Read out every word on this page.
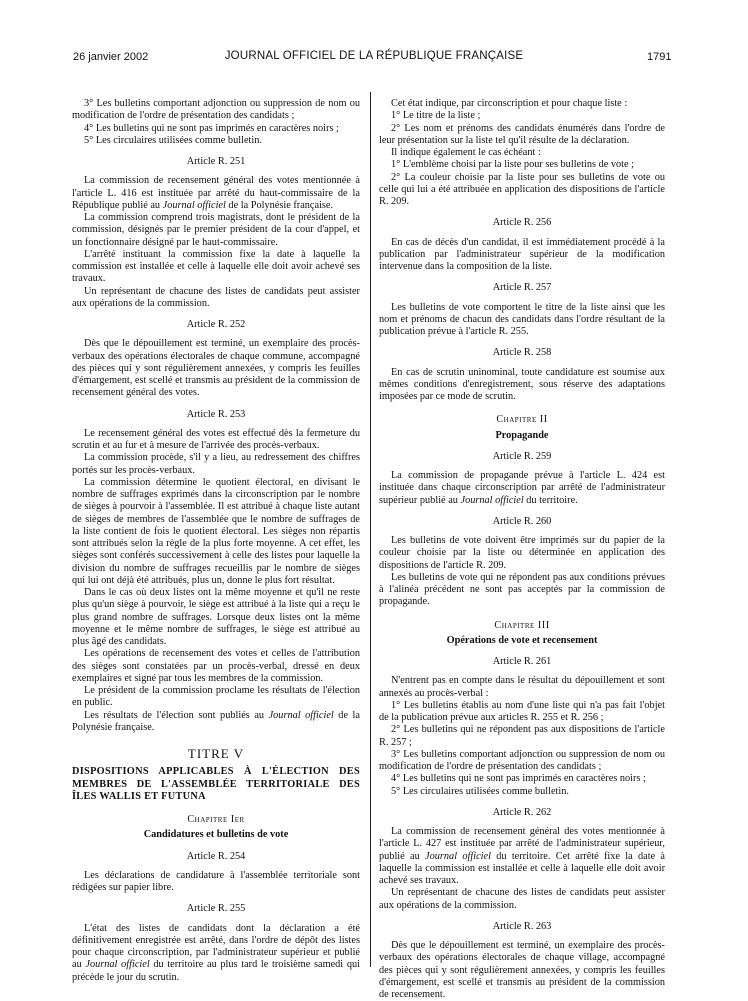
26 janvier 2002	JOURNAL OFFICIEL DE LA RÉPUBLIQUE FRANÇAISE	1791

3° Les bulletins comportant adjonction ou suppression de nom ou modification de l'ordre de présentation des candidats ;

4° Les bulletins qui ne sont pas imprimés en caractères noirs ;

5° Les circulaires utilisées comme bulletin.

Article R. 251

La commission de recensement général des votes mentionnée à l'article L. 416 est instituée par arrêté du haut-commissaire de la République publié au Journal officiel de la Polynésie française.

La commission comprend trois magistrats, dont le président de la commission, désignés par le premier président de la cour d'appel, et un fonctionnaire désigné par le haut-commissaire.

L'arrêté instituant la commission fixe la date à laquelle la commission est installée et celle à laquelle elle doit avoir achevé ses travaux.

Un représentant de chacune des listes de candidats peut assister aux opérations de la commission.

Article R. 252

Dès que le dépouillement est terminé, un exemplaire des procès-verbaux des opérations électorales de chaque commune, accompagné des pièces qui y sont régulièrement annexées, y compris les feuilles d'émargement, est scellé et transmis au président de la commission de recensement général des votes.

Article R. 253

Le recensement général des votes est effectué dès la fermeture du scrutin et au fur et à mesure de l'arrivée des procès-verbaux.

La commission procède, s'il y a lieu, au redressement des chiffres portés sur les procès-verbaux.

La commission détermine le quotient électoral, en divisant le nombre de suffrages exprimés dans la circonscription par le nombre de sièges à pourvoir à l'assemblée. Il est attribué à chaque liste autant de sièges de membres de l'assemblée que le nombre de suffrages de la liste contient de fois le quotient électoral. Les sièges non répartis sont attribués selon la règle de la plus forte moyenne. A cet effet, les sièges sont conférés successivement à celle des listes pour laquelle la division du nombre de suffrages recueillis par le nombre de sièges qui lui ont déjà été attribués, plus un, donne le plus fort résultat.

Dans le cas où deux listes ont la même moyenne et qu'il ne reste plus qu'un siège à pourvoir, le siège est attribué à la liste qui a reçu le plus grand nombre de suffrages. Lorsque deux listes ont la même moyenne et le même nombre de suffrages, le siège est attribué au plus âgé des candidats.

Les opérations de recensement des votes et celles de l'attribution des sièges sont constatées par un procès-verbal, dressé en deux exemplaires et signé par tous les membres de la commission.

Le président de la commission proclame les résultats de l'élection en public.

Les résultats de l'élection sont publiés au Journal officiel de la Polynésie française.

TITRE V

DISPOSITIONS APPLICABLES À L'ÉLECTION DES MEMBRES DE L'ASSEMBLÉE TERRITORIALE DES ÎLES WALLIS ET FUTUNA

Chapitre Ier

Candidatures et bulletins de vote

Article R. 254

Les déclarations de candidature à l'assemblée territoriale sont rédigées sur papier libre.

Article R. 255

L'état des listes de candidats dont la déclaration a été définitivement enregistrée est arrêté, dans l'ordre de dépôt des listes pour chaque circonscription, par l'administrateur supérieur et publié au Journal officiel du territoire au plus tard le troisième samedi qui précède le jour du scrutin.

Cet état indique, par circonscription et pour chaque liste :

1° Le titre de la liste ;

2° Les nom et prénoms des candidats énumérés dans l'ordre de leur présentation sur la liste tel qu'il résulte de la déclaration.

Il indique également le cas échéant :

1° L'emblème choisi par la liste pour ses bulletins de vote ;

2° La couleur choisie par la liste pour ses bulletins de vote ou celle qui lui a été attribuée en application des dispositions de l'article R. 209.

Article R. 256

En cas de décès d'un candidat, il est immédiatement procédé à la publication par l'administrateur supérieur de la modification intervenue dans la composition de la liste.

Article R. 257

Les bulletins de vote comportent le titre de la liste ainsi que les nom et prénoms de chacun des candidats dans l'ordre résultant de la publication prévue à l'article R. 255.

Article R. 258

En cas de scrutin uninominal, toute candidature est soumise aux mêmes conditions d'enregistrement, sous réserve des adaptations imposées par ce mode de scrutin.

Chapitre II

Propagande

Article R. 259

La commission de propagande prévue à l'article L. 424 est instituée dans chaque circonscription par arrêté de l'administrateur supérieur publié au Journal officiel du territoire.

Article R. 260

Les bulletins de vote doivent être imprimés sur du papier de la couleur choisie par la liste ou déterminée en application des dispositions de l'article R. 209.

Les bulletins de vote qui ne répondent pas aux conditions prévues à l'alinéa précédent ne sont pas acceptés par la commission de propagande.

Chapitre III

Opérations de vote et recensement

Article R. 261

N'entrent pas en compte dans le résultat du dépouillement et sont annexés au procès-verbal :

1° Les bulletins établis au nom d'une liste qui n'a pas fait l'objet de la publication prévue aux articles R. 255 et R. 256 ;

2° Les bulletins qui ne répondent pas aux dispositions de l'article R. 257 ;

3° Les bulletins comportant adjonction ou suppression de nom ou modification de l'ordre de présentation des candidats ;

4° Les bulletins qui ne sont pas imprimés en caractères noirs ;

5° Les circulaires utilisées comme bulletin.

Article R. 262

La commission de recensement général des votes mentionnée à l'article L. 427 est instituée par arrêté de l'administrateur supérieur, publié au Journal officiel du territoire. Cet arrêté fixe la date à laquelle la commission est installée et celle à laquelle elle doit avoir achevé ses travaux.

Un représentant de chacune des listes de candidats peut assister aux opérations de la commission.

Article R. 263

Dès que le dépouillement est terminé, un exemplaire des procès-verbaux des opérations électorales de chaque village, accompagné des pièces qui y sont régulièrement annexées, y compris les feuilles d'émargement, est scellé et transmis au président de la commission de recensement.
